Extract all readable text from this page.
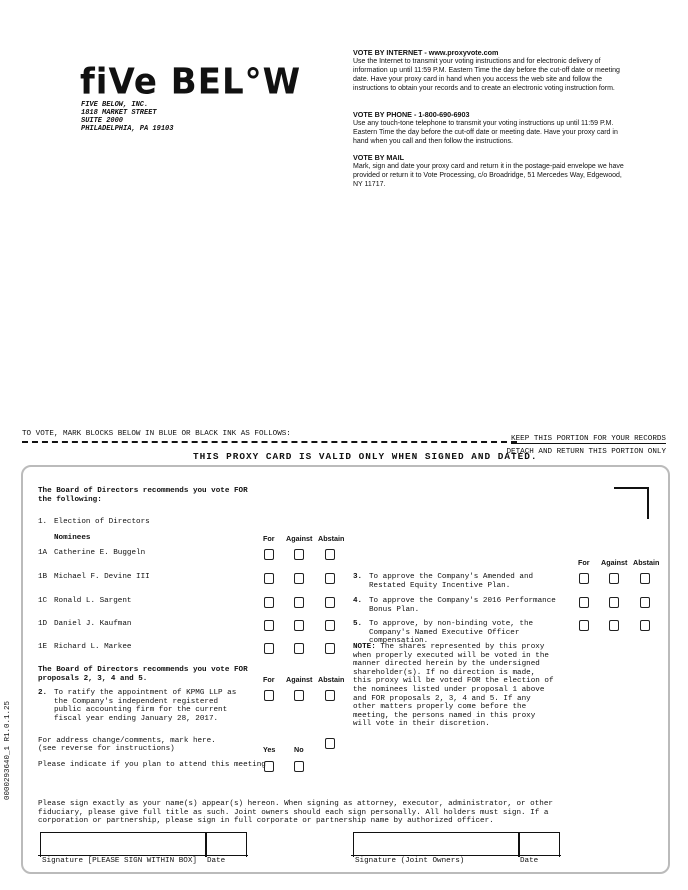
fiVe BEL°W
FIVE BELOW, INC.
1818 MARKET STREET
SUITE 2000
PHILADELPHIA, PA 19103
VOTE BY INTERNET - www.proxyvote.com
Use the Internet to transmit your voting instructions and for electronic delivery of information up until 11:59 P.M. Eastern Time the day before the cut-off date or meeting date. Have your proxy card in hand when you access the web site and follow the instructions to obtain your records and to create an electronic voting instruction form.
VOTE BY PHONE - 1-800-690-6903
Use any touch-tone telephone to transmit your voting instructions up until 11:59 P.M. Eastern Time the day before the cut-off date or meeting date. Have your proxy card in hand when you call and then follow the instructions.
VOTE BY MAIL
Mark, sign and date your proxy card and return it in the postage-paid envelope we have provided or return it to Vote Processing, c/o Broadridge, 51 Mercedes Way, Edgewood, NY 11717.
TO VOTE, MARK BLOCKS BELOW IN BLUE OR BLACK INK AS FOLLOWS:
KEEP THIS PORTION FOR YOUR RECORDS
DETACH AND RETURN THIS PORTION ONLY
THIS PROXY CARD IS VALID ONLY WHEN SIGNED AND DATED.
The Board of Directors recommends you vote FOR the following:
1. Election of Directors
Nominees	For Against Abstain
1A Catherine E. Buggeln
1B Michael F. Devine III
1C Ronald L. Sargent
1D Daniel J. Kaufman
1E Richard L. Markee
The Board of Directors recommends you vote FOR proposals 2, 3, 4 and 5.	For Against Abstain
2. To ratify the appointment of KPMG LLP as the Company's independent registered public accounting firm for the current fiscal year ending January 28, 2017.
For Against Abstain
3. To approve the Company's Amended and Restated Equity Incentive Plan.
4. To approve the Company's 2016 Performance Bonus Plan.
5. To approve, by non-binding vote, the Company's Named Executive Officer compensation.
NOTE: The shares represented by this proxy when properly executed will be voted in the manner directed herein by the undersigned shareholder(s). If no direction is made, this proxy will be voted FOR the election of the nominees listed under proposal 1 above and FOR proposals 2, 3, 4 and 5. If any other matters properly come before the meeting, the persons named in this proxy will vote in their discretion.
For address change/comments, mark here.
(see reverse for instructions)	Yes	No
Please indicate if you plan to attend this meeting
Please sign exactly as your name(s) appear(s) hereon. When signing as attorney, executor, administrator, or other fiduciary, please give full title as such. Joint owners should each sign personally. All holders must sign. If a corporation or partnership, please sign in full corporate or partnership name by authorized officer.
Signature [PLEASE SIGN WITHIN BOX] Date	Signature (Joint Owners)	Date
0000293640_1 R1.0.1.25
